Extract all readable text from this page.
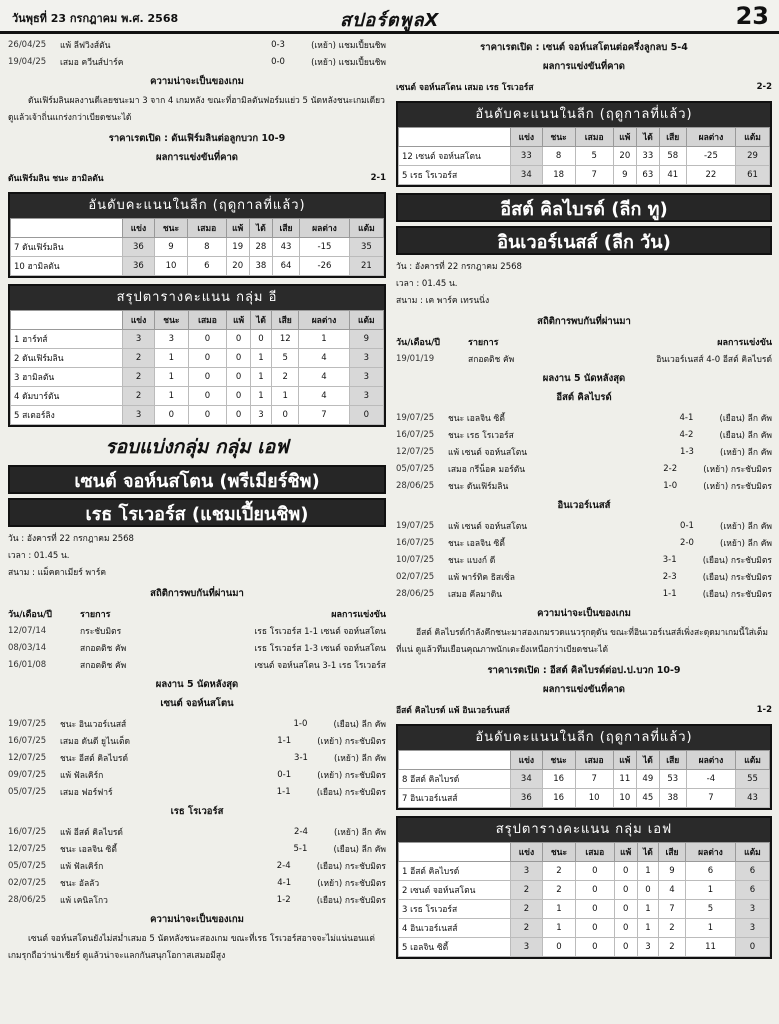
วันพุธที่ 23 กรกฎาคม พ.ศ. 2568	สปอร์ตพูลX	23
26/04/25	แพ้ ลีฟวิงส์ตัน	0-3	(เหย้า) แชมเปี้ยนชิพ
19/04/25	เสมอ ควีนส์ปาร์ค	0-0	(เหย้า) แชมเปี้ยนชิพ
ความน่าจะเป็นของเกม
ดันเฟิร์มลินผลงานดีเลยชนะมา 3 จาก 4 เกมหลัง ขณะที่ฮามิลตันฟอร์มแย่ว 5 นัดหลังชนะเกมเดียว ดูแล้วเจ้าถิ่นแกร่งกว่าเบียดชนะได้
ราคาเรตเปิด : ดันเฟิร์มลินต่อลูกบวก 10-9
ผลการแข่งขันที่คาด
ดันเฟิร์มลิน ชนะ ฮามิลตัน	2-1
อันดับคะแนนในลีก (ฤดูกาลที่แล้ว)
	แข่ง	ชนะ	เสมอ	แพ้	ได้	เสีย	ผลต่าง	แต้ม
7 ดันเฟิร์มลิน	36	9	8	19	28	43	-15	35
10 ฮามิลตัน	36	10	6	20	38	64	-26	21
สรุปตารางคะแนน กลุ่ม อี
	แข่ง	ชนะ	เสมอ	แพ้	ได้	เสีย	ผลต่าง	แต้ม
1 ฮาร์ทส์	3	3	0	0	0	12	1	9
2 ดันเฟิร์มลิน	2	1	0	0	1	5	4	3
3 ฮามิลตัน	2	1	0	0	1	2	4	3
4 ดัมบาร์ตัน	2	1	0	0	1	1	4	3
5 สเตอร์ลิง	3	0	0	0	3	0	7	0
รอบแบ่งกลุ่ม กลุ่ม เอฟ
เซนต์ จอห์นสโตน (พรีเมียร์ชิพ)
เรธ โรเวอร์ส (แชมเปี้ยนชิพ)
วัน : อังคารที่ 22 กรกฎาคม 2568
เวลา : 01.45 น.
สนาม : แม็คดาเมียร์ พาร์ค
สถิติการพบกันที่ผ่านมา
วัน/เดือน/ปี	รายการ	ผลการแข่งขัน
12/07/14	กระชับมิตร	เรธ โรเวอร์ส 1-1 เซนต์ จอห์นสโตน
08/03/14	สกอตติช คัพ	เรธ โรเวอร์ส 1-3 เซนต์ จอห์นสโตน
16/01/08	สกอตติช คัพ	เซนต์ จอห์นสโตน 3-1 เรธ โรเวอร์ส
ผลงาน 5 นัดหลังสุด
เซนต์ จอห์นสโตน
19/07/25	ชนะ อินเวอร์เนสส์	1-0	(เยือน) ลีก คัพ
16/07/25	เสมอ ดันดี ยูไนเต็ด	1-1	(เหย้า) กระชับมิตร
12/07/25	ชนะ อีสต์ คิลไบรด์	3-1	(เหย้า) ลีก คัพ
09/07/25	แพ้ ฟัลเคิร์ก	0-1	(เหย้า) กระชับมิตร
05/07/25	เสมอ ฟอร์ฟาร์	1-1	(เยือน) กระชับมิตร
เรธ โรเวอร์ส
16/07/25	แพ้ อีสต์ คิลไบรด์	2-4	(เหย้า) ลีก คัพ
12/07/25	ชนะ เอลจิน ซิตี้	5-1	(เยือน) ลีก คัพ
05/07/25	แพ้ ฟัลเคิร์ก	2-4	(เยือน) กระชับมิตร
02/07/25	ชนะ อัลลัว	4-1	(เหย้า) กระชับมิตร
28/06/25	แพ้ เคนิลโกว	1-2	(เยือน) กระชับมิตร
ความน่าจะเป็นของเกม
เซนต์ จอห์นสโตนยังไม่สม่ำเสมอ 5 นัดหลังชนะสองเกม ขณะที่เรธ โรเวอร์สอาจจะไม่แน่นอนแต่เกมรุกถือว่าน่าเชียร์ ดูแล้วน่าจะแลกกันสนุกโอกาสเสมอมีสูง
ราคาเรตเปิด : เซนต์ จอห์นสโตนต่อครึ่งลูกลบ 5-4
ผลการแข่งขันที่คาด
เซนต์ จอห์นสโตน เสมอ เรธ โรเวอร์ส	2-2
อันดับคะแนนในลีก (ฤดูกาลที่แล้ว)
	แข่ง	ชนะ	เสมอ	แพ้	ได้	เสีย	ผลต่าง	แต้ม
12 เซนต์ จอห์นสโตน	33	8	5	20	33	58	-25	29
5 เรธ โรเวอร์ส	34	18	7	9	63	41	22	61
อีสต์ คิลไบรด์ (ลีก ทู)
อินเวอร์เนสส์ (ลีก วัน)
วัน : อังคารที่ 22 กรกฎาคม 2568
เวลา : 01.45 น.
สนาม : เค พาร์ค เทรนนิ่ง
สถิติการพบกันที่ผ่านมา
วัน/เดือน/ปี	รายการ	ผลการแข่งขัน
19/01/19	สกอตติช คัพ	อินเวอร์เนสส์ 4-0 อีสต์ คิลไบรด์
ผลงาน 5 นัดหลังสุด
อีสต์ คิลไบรด์
19/07/25	ชนะ เอลจิน ซิตี้	4-1	(เยือน) ลีก คัพ
16/07/25	ชนะ เรธ โรเวอร์ส	4-2	(เยือน) ลีก คัพ
12/07/25	แพ้ เซนต์ จอห์นสโตน	1-3	(เหย้า) ลีก คัพ
05/07/25	เสมอ กรีน็อค มอร์ตัน	2-2	(เหย้า) กระชับมิตร
28/06/25	ชนะ ดันเฟิร์มลิน	1-0	(เหย้า) กระชับมิตร
อินเวอร์เนสส์
19/07/25	แพ้ เซนต์ จอห์นสโตน	0-1	(เหย้า) ลีก คัพ
16/07/25	ชนะ เอลจิน ซิตี้	2-0	(เหย้า) ลีก คัพ
10/07/25	ชนะ แบงก์ ดี	3-1	(เยือน) กระชับมิตร
02/07/25	แพ้ พาร์ทิค ธิสเซิ่ล	2-3	(เยือน) กระชับมิตร
28/06/25	เสมอ คีลมาดิน	1-1	(เยือน) กระชับมิตร
ความน่าจะเป็นของเกม
อีสต์ คิลไบรด์กำลังคึกชนะมาสองเกมรวดแนวรุกดุดัน ขณะที่อินเวอร์เนสส์เพิ่งสะดุดมาเกมนี้ใส่เต็มที่แน่ ดูแล้วทีมเยือนคุณภาพนักเตะยังเหนือกว่าเบียดชนะได้
ราคาเรตเปิด : อีสต์ คิลไบรด์ต่อป.ป.บวก 10-9
ผลการแข่งขันที่คาด
อีสต์ คิลไบรด์ แพ้ อินเวอร์เนสส์	1-2
อันดับคะแนนในลีก (ฤดูกาลที่แล้ว)
	แข่ง	ชนะ	เสมอ	แพ้	ได้	เสีย	ผลต่าง	แต้ม
8 อีสต์ คิลไบรด์	34	16	7	11	49	53	-4	55
7 อินเวอร์เนสส์	36	16	10	10	45	38	7	43
สรุปตารางคะแนน กลุ่ม เอฟ
	แข่ง	ชนะ	เสมอ	แพ้	ได้	เสีย	ผลต่าง	แต้ม
1 อีสต์ คิลไบรด์	3	2	0	0	1	9	6	6
2 เซนต์ จอห์นสโตน	2	2	0	0	0	4	1	6
3 เรธ โรเวอร์ส	2	1	0	0	1	7	5	3
4 อินเวอร์เนสส์	2	1	0	0	1	2	1	3
5 เอลจิน ซิตี้	3	0	0	0	3	2	11	0
